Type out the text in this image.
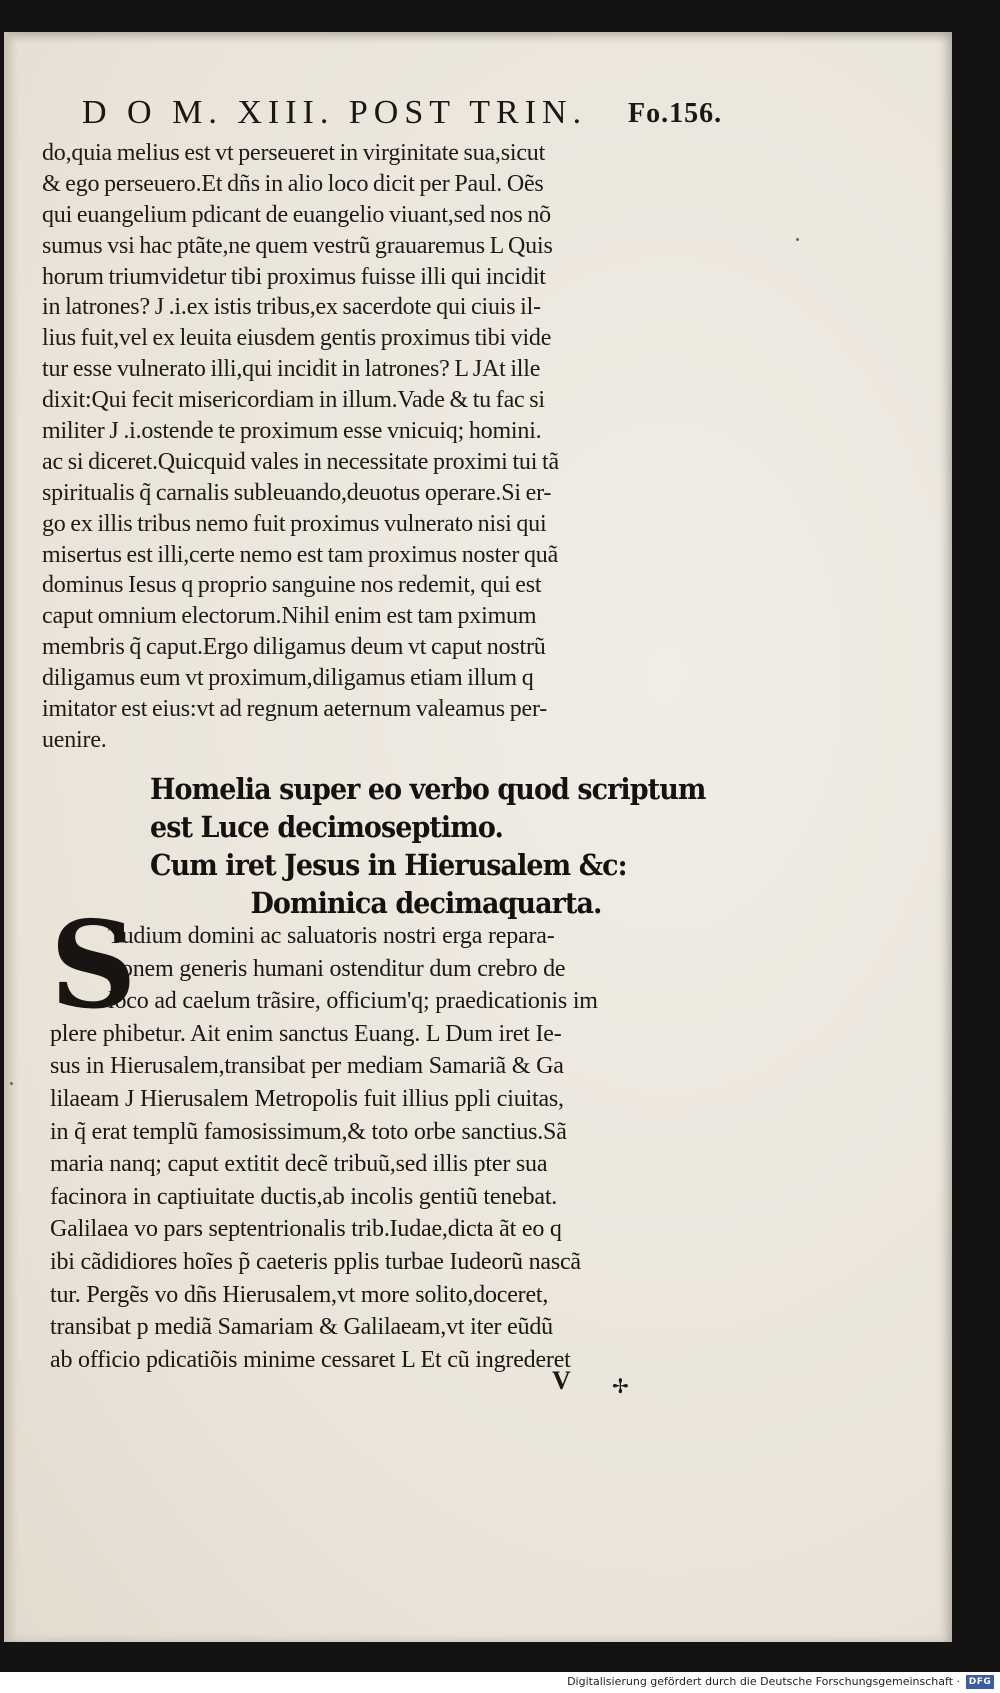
D O M. XIII. POST TRIN.	Fo.156.
do,quia melius est vt perseueret in virginitate sua,sicut
& ego perseuero.Et dñs in alio loco dicit per Paul. Oẽs
qui euangelium pdicant de euangelio viuant,sed nos nõ
sumus vsi hac ptãte,ne quem vestrũ grauaremus L Quis
horum triumvidetur tibi proximus fuisse illi qui incidit
in latrones? J .i.ex istis tribus,ex sacerdote qui ciuis il-
lius fuit,vel ex leuita eiusdem gentis proximus tibi vide
tur esse vulnerato illi,qui incidit in latrones? L JAt ille
dixit:Qui fecit misericordiam in illum.Vade & tu fac si
militer J .i.ostende te proximum esse vnicuiq; homini.
ac si diceret.Quicquid vales in necessitate proximi tui tã
spiritualis q̃ carnalis subleuando,deuotus operare.Si er-
go ex illis tribus nemo fuit proximus vulnerato nisi qui
misertus est illi,certe nemo est tam proximus noster quã
dominus Iesus q proprio sanguine nos redemit, qui est
caput omnium electorum.Nihil enim est tam pximum
membris q̃ caput.Ergo diligamus deum vt caput nostrũ
diligamus eum vt proximum,diligamus etiam illum q
imitator est eius:vt ad regnum aeternum valeamus per-
uenire.
Homelia super eo verbo quod scriptum
est Luce decimoseptimo.
Cum iret Jesus in Hierusalem &c:
Dominica decimaquarta.
S
Tudium domini ac saluatoris nostri erga repara-
tionem generis humani ostenditur dum crebro de
loco ad caelum trãsire, officium'q; praedicationis im
plere phibetur. Ait enim sanctus Euang. L Dum iret Ie-
sus in Hierusalem,transibat per mediam Samariã & Ga
lilaeam J Hierusalem Metropolis fuit illius ppli ciuitas,
in q̃ erat templũ famosissimum,& toto orbe sanctius.Sã
maria nanq; caput extitit decẽ tribuũ,sed illis pter sua
facinora in captiuitate ductis,ab incolis gentiũ tenebat.
Galilaea vo pars septentrionalis trib.Iudae,dicta ãt eo q
ibi cãdidiores hoĩes p̃ caeteris pplis turbae Iudeorũ nascã
tur. Pergẽs vo dñs Hierusalem,vt more solito,doceret,
transibat p mediã Samariam & Galilaeam,vt iter eũdũ
ab officio pdicatiõis minime cessaret L Et cũ ingrederet
V ✢
Digitalisierung gefördert durch die Deutsche Forschungsgemeinschaft · DFG
